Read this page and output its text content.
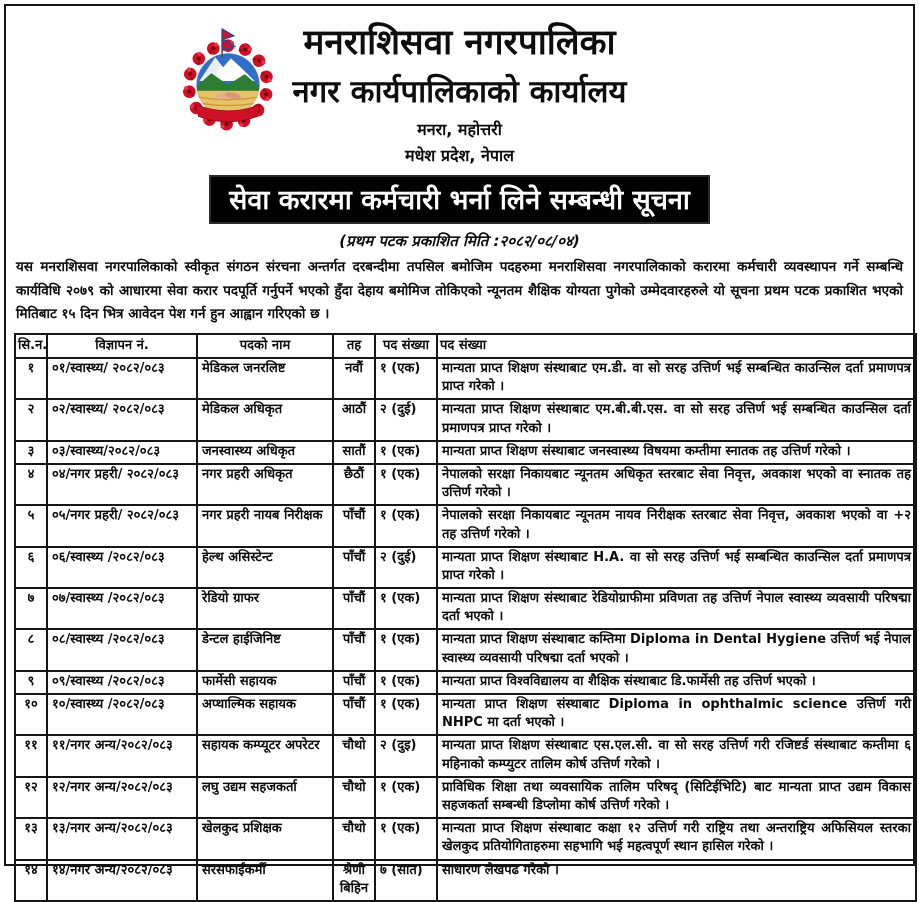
मनराशिसवा नगरपालिका
नगर कार्यपालिकाको कार्यालय
मनरा, महोत्तरी
मधेश प्रदेश, नेपाल
सेवा करारमा कर्मचारी भर्ना लिने सम्बन्धी सूचना
(प्रथम पटक प्रकाशित मिति :२०८२/०८/०४)

यस मनराशिसवा नगरपालिकाको स्वीकृत संगठन संरचना अन्तर्गत दरबन्दीमा तपसिल बमोजिम पदहरुमा मनराशिसवा नगरपालिकाको करारमा कर्मचारी व्यवस्थापन गर्ने सम्बन्धि कार्यविधि २०७९ को आधारमा सेवा करार पदपूर्ति गर्नुपर्ने भएको हुँदा देहाय बमोमिज तोकिएको न्यूनतम शैक्षिक योग्यता पुगेको उम्मेदवारहरुले यो सूचना प्रथम पटक प्रकाशित भएको मितिबाट १५ दिन भित्र आवेदन पेश गर्न हुन आह्वान गरिएको छ ।

सि.न.	विज्ञापन नं.	पदको नाम	तह	पद संख्या	पद संख्या
१	०१/स्वास्थ्य/ २०८२/०८३	मेडिकल जनरलिष्ट	नवौं	१ (एक)	मान्यता प्राप्त शिक्षण संस्थाबाट एम.डी. वा सो सरह उत्तिर्ण भई सम्बन्धित काउन्सिल दर्ता प्रमाणपत्र प्राप्त गरेको ।
२	०२/स्वास्थ्य/ २०८२/०८३	मेडिकल अधिकृत	आठौं	२ (दुई)	मान्यता प्राप्त शिक्षण संस्थाबाट एम.बी.बी.एस. वा सो सरह उत्तिर्ण भई सम्बन्धित काउन्सिल दर्ता प्रमाणपत्र प्राप्त गरेको ।
३	०३/स्वास्थ्य/२०८२/०८३	जनस्वास्थ्य अधिकृत	सातौं	१ (एक)	मान्यता प्राप्त शिक्षण संस्थाबाट जनस्वास्थ्य विषयमा कम्तीमा स्नातक तह उत्तिर्ण गरेको ।
४	०४/नगर प्रहरी/ २०८२/०८३	नगर प्रहरी अधिकृत	छैठौं	१ (एक)	नेपालको सरक्षा निकायबाट न्यूनतम अधिकृत स्तरबाट सेवा निवृत्त, अवकाश भएको वा स्नातक तह उत्तिर्ण गरेको ।
५	०५/नगर प्रहरी/ २०८२/०८३	नगर प्रहरी नायब निरीक्षक	पाँचौं	१ (एक)	नेपालको सरक्षा निकायबाट न्यूनतम नायव निरीक्षक स्तरबाट सेवा निवृत्त, अवकाश भएको वा +२ तह उत्तिर्ण गरेको ।
६	०६/स्वास्थ्य /२०८२/०८३	हेल्थ असिस्टेन्ट	पाँचौं	२ (दुई)	मान्यता प्राप्त शिक्षण संस्थाबाट H.A. वा सो सरह उत्तिर्ण भई सम्बन्धित काउन्सिल दर्ता प्रमाणपत्र प्राप्त गरेको ।
७	०७/स्वास्थ्य /२०८२/०८३	रेडियो ग्राफर	पाँचौं	१ (एक)	मान्यता प्राप्त शिक्षण संस्थाबाट रेडियोग्राफीमा प्रविणता तह उत्तिर्ण नेपाल स्वास्थ्य व्यवसायी परिषद्मा दर्ता भएको ।
८	०८/स्वास्थ्य /२०८२/०८३	डेन्टल हाईजिनिष्ट	पाँचौं	१ (एक)	मान्यता प्राप्त शिक्षण संस्थाबाट कम्तिमा Diploma in Dental Hygiene उत्तिर्ण भई नेपाल स्वास्थ्य व्यवसायी परिषद्मा दर्ता भएको ।
९	०९/स्वास्थ्य /२०८२/०८३	फार्मेसी सहायक	पाँचौं	१ (एक)	मान्यता प्राप्त विश्वविद्यालय वा शैक्षिक संस्थाबाट डि.फार्मेसी तह उत्तिर्ण भएको ।
१०	१०/स्वास्थ्य /२०८२/०८३	अप्थाल्मिक सहायक	पाँचौं	१ (एक)	मान्यता प्राप्त शिक्षण संस्थाबाट Diploma in ophthalmic science उत्तिर्ण गरी NHPC मा दर्ता भएको ।
११	११/नगर अन्य/२०८२/०८३	सहायक कम्प्यूटर अपरेटर	चौथो	२ (दुइ)	मान्यता प्राप्त शिक्षण संस्थाबाट एस.एल.सी. वा सो सरह उत्तिर्ण गरी रजिष्टर्ड संस्थाबाट कम्तीमा ६ महिनाको कम्प्युटर तालिम कोर्ष उत्तिर्ण गरेको ।
१२	१२/नगर अन्य/२०८२/०८३	लघु उद्यम सहजकर्ता	चौथो	१ (एक)	प्राविधिक शिक्षा तथा व्यवसायिक तालिम परिषद् (सिटिईभिटि) बाट मान्यता प्राप्त उद्यम विकास सहजकर्ता सम्बन्धी डिप्लोमा कोर्ष उत्तिर्ण गरेको ।
१३	१३/नगर अन्य/२०८२/०८३	खेलकुद प्रशिक्षक	चौथो	१ (एक)	मान्यता प्राप्त शिक्षण संस्थाबाट कक्षा १२ उत्तिर्ण गरी राष्ट्रिय तथा अन्तराष्ट्रिय अफिसियल स्तरका खेलकुद प्रतियोगिताहरुमा सहभागि भई महत्वपूर्ण स्थान हासिल गरेको ।
१४	१४/नगर अन्य/२०८२/०८३	सरसफाईकर्मी	श्रेणी बिहिन	७ (सात)	साधारण लेखपढ गरेको ।
